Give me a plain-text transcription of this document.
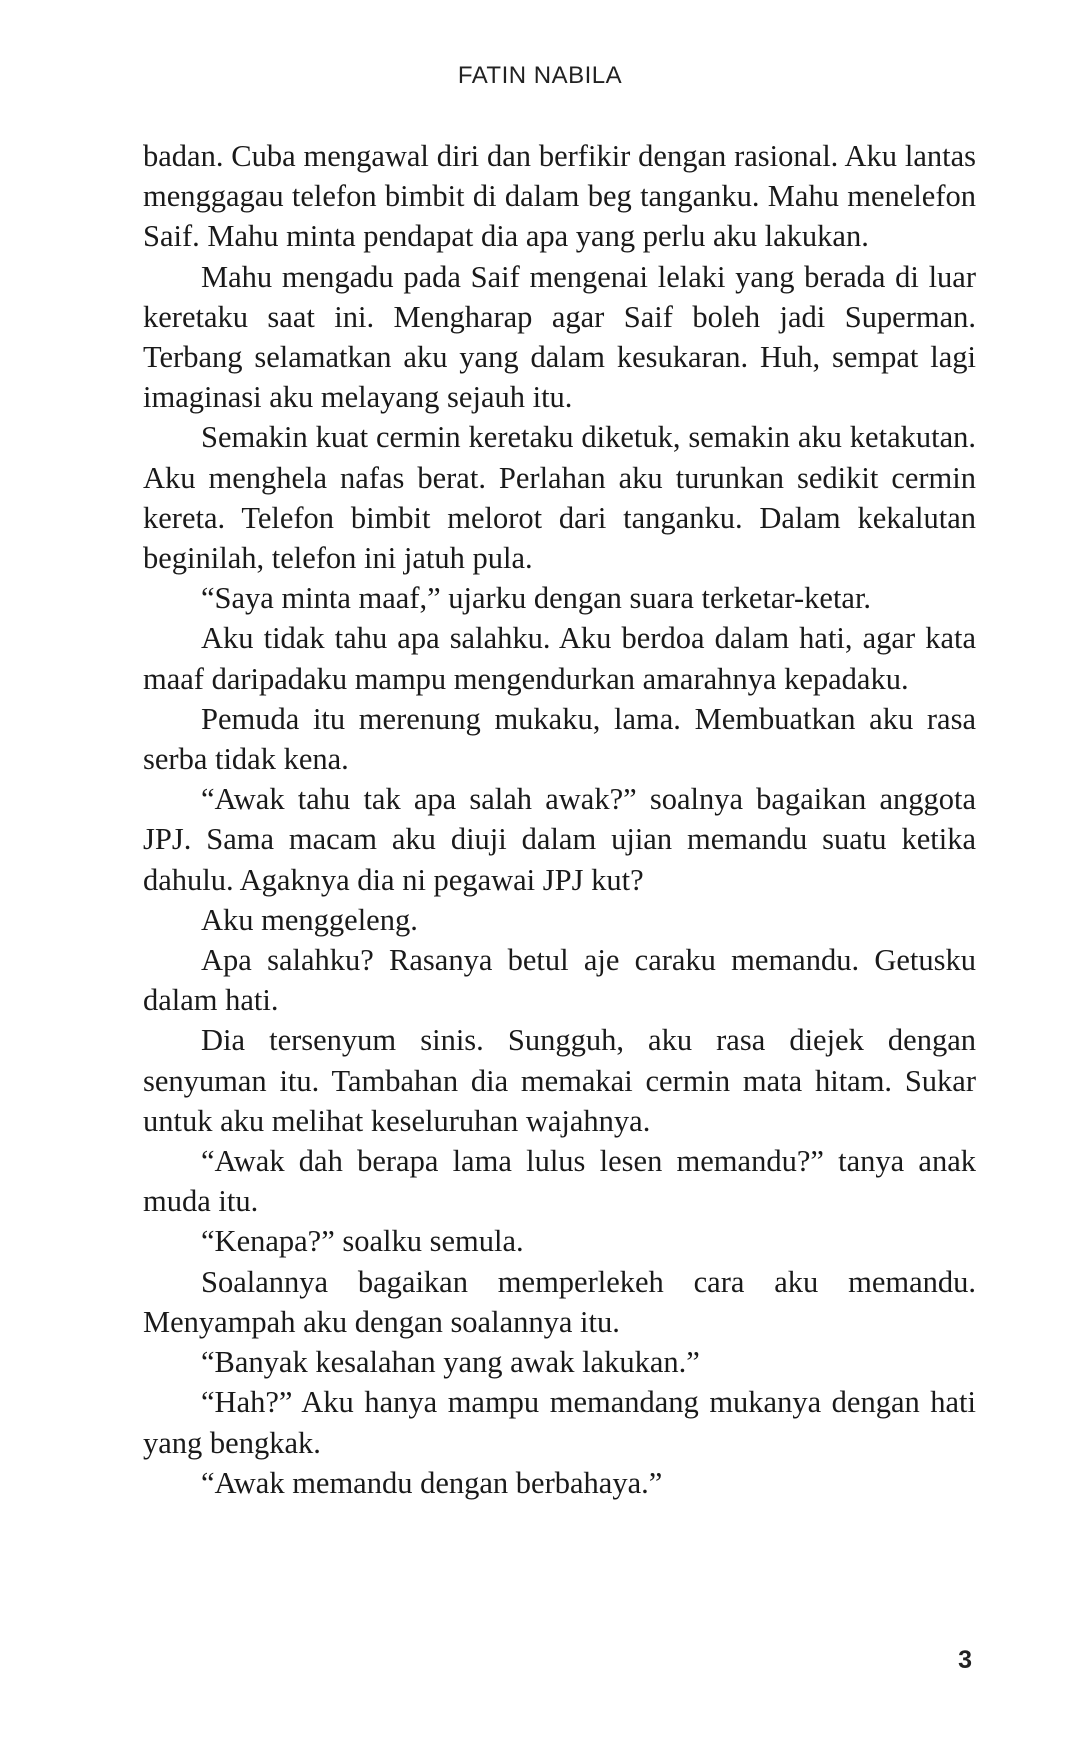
FATIN NABILA

badan. Cuba mengawal diri dan berfikir dengan rasional. Aku lantas menggagau telefon bimbit di dalam beg tanganku. Mahu menelefon Saif. Mahu minta pendapat dia apa yang perlu aku lakukan.

Mahu mengadu pada Saif mengenai lelaki yang berada di luar keretaku saat ini. Mengharap agar Saif boleh jadi Superman. Terbang selamatkan aku yang dalam kesukaran. Huh, sempat lagi imaginasi aku melayang sejauh itu.

Semakin kuat cermin keretaku diketuk, semakin aku ketakutan. Aku menghela nafas berat. Perlahan aku turunkan sedikit cermin kereta. Telefon bimbit melorot dari tanganku. Dalam kekalutan beginilah, telefon ini jatuh pula.

“Saya minta maaf,” ujarku dengan suara terketar-ketar.

Aku tidak tahu apa salahku. Aku berdoa dalam hati, agar kata maaf daripadaku mampu mengendurkan amarahnya kepadaku.

Pemuda itu merenung mukaku, lama. Membuatkan aku rasa serba tidak kena.

“Awak tahu tak apa salah awak?” soalnya bagaikan anggota JPJ. Sama macam aku diuji dalam ujian memandu suatu ketika dahulu. Agaknya dia ni pegawai JPJ kut?

Aku menggeleng.

Apa salahku? Rasanya betul aje caraku memandu. Getusku dalam hati.

Dia tersenyum sinis. Sungguh, aku rasa diejek dengan senyuman itu. Tambahan dia memakai cermin mata hitam. Sukar untuk aku melihat keseluruhan wajahnya.

“Awak dah berapa lama lulus lesen memandu?” tanya anak muda itu.

“Kenapa?” soalku semula.

Soalannya bagaikan memperlekeh cara aku memandu. Menyampah aku dengan soalannya itu.

“Banyak kesalahan yang awak lakukan.”

“Hah?” Aku hanya mampu memandang mukanya dengan hati yang bengkak.

“Awak memandu dengan berbahaya.”

3
